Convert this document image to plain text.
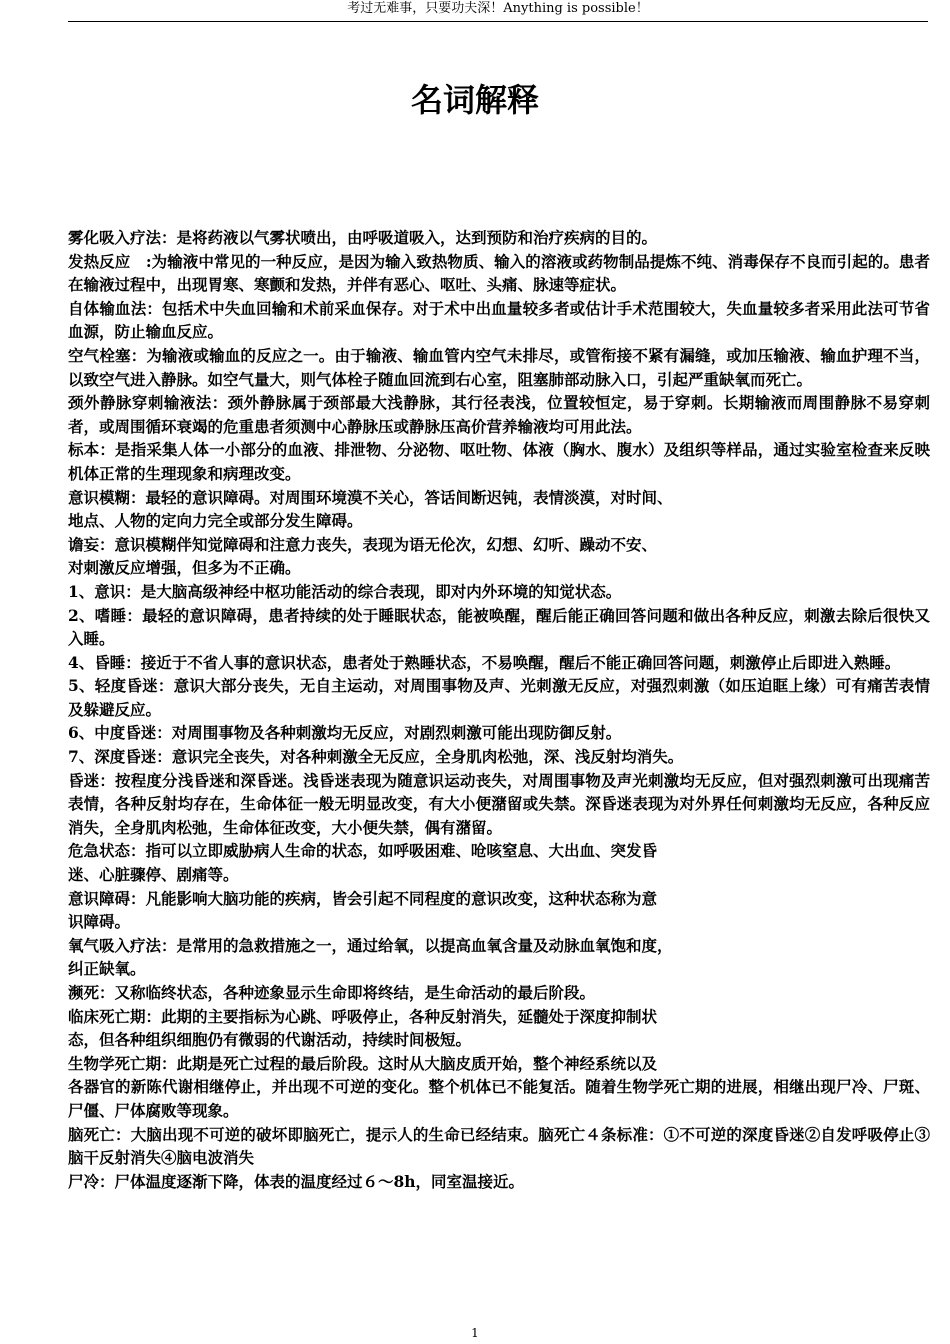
考过无难事，只要功夫深！Anything is possible！
名词解释

雾化吸入疗法：是将药液以气雾状喷出，由呼吸道吸入，达到预防和治疗疾病的目的。

发热反应　:为输液中常见的一种反应，是因为输入致热物质、输入的溶液或药物制品提炼不纯、消毒保存不良而引起的。患者在输液过程中，出现胃寒、寒颤和发热，并伴有恶心、呕吐、头痛、脉速等症状。

自体输血法：包括术中失血回输和术前采血保存。对于术中出血量较多者或估计手术范围较大，失血量较多者采用此法可节省血源，防止输血反应。

空气栓塞：为输液或输血的反应之一。由于输液、输血管内空气未排尽，或管衔接不紧有漏缝，或加压输液、输血护理不当，以致空气进入静脉。如空气量大，则气体栓子随血回流到右心室，阻塞肺部动脉入口，引起严重缺氧而死亡。

颈外静脉穿刺输液法：颈外静脉属于颈部最大浅静脉，其行径表浅，位置较恒定，易于穿刺。长期输液而周围静脉不易穿刺者，或周围循环衰竭的危重患者须测中心静脉压或静脉压高价营养输液均可用此法。

标本：是指采集人体一小部分的血液、排泄物、分泌物、呕吐物、体液（胸水、腹水）及组织等样品，通过实验室检查来反映机体正常的生理现象和病理改变。

意识模糊：最轻的意识障碍。对周围环境漠不关心，答话间断迟钝，表情淡漠，对时间、
地点、人物的定向力完全或部分发生障碍。

谵妄：意识模糊伴知觉障碍和注意力丧失，表现为语无伦次，幻想、幻听、躁动不安、
对刺激反应增强，但多为不正确。

1、意识：是大脑高级神经中枢功能活动的综合表现，即对内外环境的知觉状态。

2、嗜睡：最轻的意识障碍，患者持续的处于睡眠状态，能被唤醒，醒后能正确回答问题和做出各种反应，刺激去除后很快又入睡。

4、昏睡：接近于不省人事的意识状态，患者处于熟睡状态，不易唤醒，醒后不能正确回答问题，刺激停止后即进入熟睡。

5、轻度昏迷：意识大部分丧失，无自主运动，对周围事物及声、光刺激无反应，对强烈刺激（如压迫眶上缘）可有痛苦表情及躲避反应。

6、中度昏迷：对周围事物及各种刺激均无反应，对剧烈刺激可能出现防御反射。

7、深度昏迷：意识完全丧失，对各种刺激全无反应，全身肌肉松弛，深、浅反射均消失。

昏迷：按程度分浅昏迷和深昏迷。浅昏迷表现为随意识运动丧失，对周围事物及声光刺激均无反应，但对强烈刺激可出现痛苦表情，各种反射均存在，生命体征一般无明显改变，有大小便潴留或失禁。深昏迷表现为对外界任何刺激均无反应，各种反应消失，全身肌肉松弛，生命体征改变，大小便失禁，偶有潴留。

危急状态：指可以立即威胁病人生命的状态，如呼吸困难、呛咳窒息、大出血、突发昏
迷、心脏骤停、剧痛等。

意识障碍：凡能影响大脑功能的疾病，皆会引起不同程度的意识改变，这种状态称为意
识障碍。

氧气吸入疗法：是常用的急救措施之一，通过给氧，以提高血氧含量及动脉血氧饱和度，
纠正缺氧。

濒死：又称临终状态，各种迹象显示生命即将终结，是生命活动的最后阶段。

临床死亡期：此期的主要指标为心跳、呼吸停止，各种反射消失，延髓处于深度抑制状
态，但各种组织细胞仍有微弱的代谢活动，持续时间极短。

生物学死亡期：此期是死亡过程的最后阶段。这时从大脑皮质开始，整个神经系统以及

各器官的新陈代谢相继停止，并出现不可逆的变化。整个机体已不能复活。随着生物学死亡期的进展，相继出现尸冷、尸斑、尸僵、尸体腐败等现象。

脑死亡：大脑出现不可逆的破坏即脑死亡，提示人的生命已经结束。脑死亡４条标准：①不可逆的深度昏迷②自发呼吸停止③脑干反射消失④脑电波消失

尸冷：尸体温度逐渐下降，体表的温度经过６～8h，同室温接近。

1
